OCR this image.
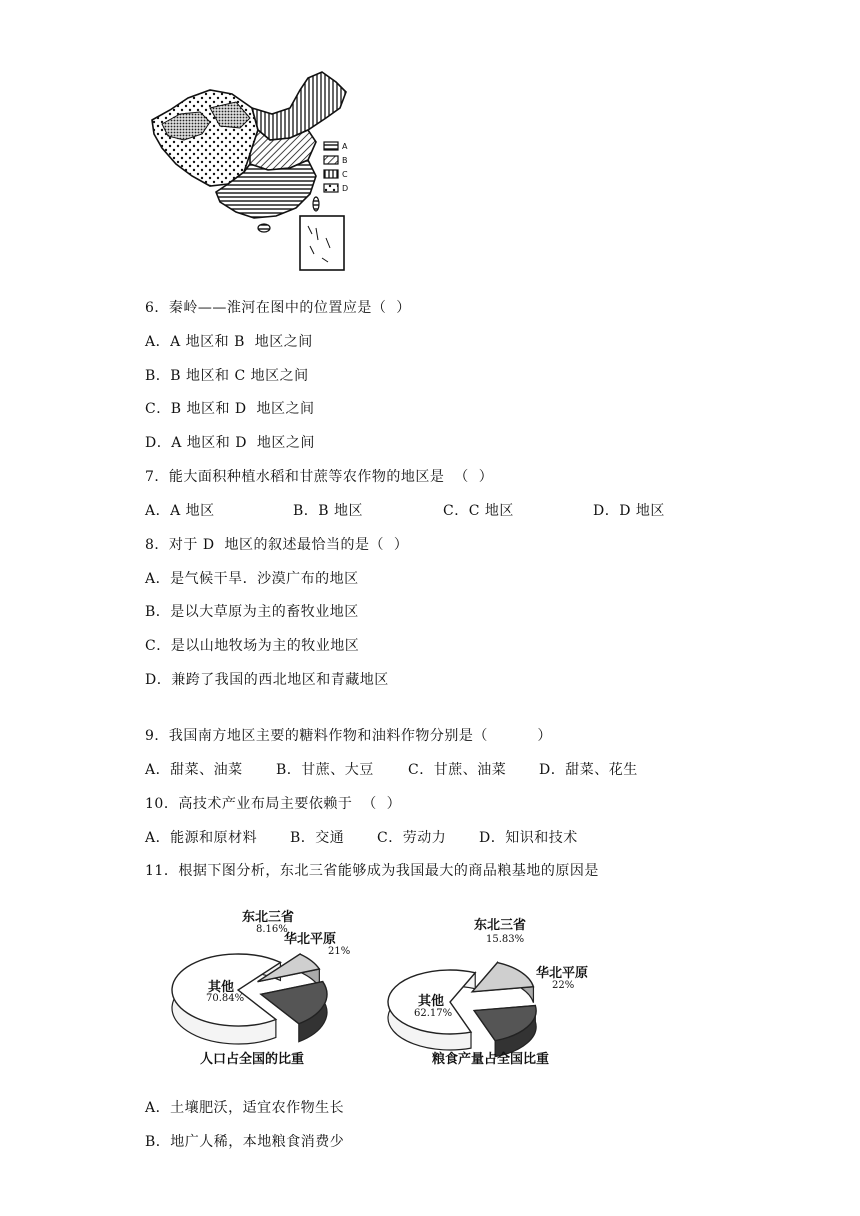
A
B
C
D
6．秦岭——淮河在图中的位置应是（  ）
A．A 地区和 B  地区之间
B．B 地区和 C 地区之间
C．B 地区和 D  地区之间
D．A 地区和 D  地区之间
7．能大面积种植水稻和甘蔗等农作物的地区是  （  ）
A．A 地区	B．B 地区	C．C 地区	D．D 地区
8．对于 D  地区的叙述最恰当的是（  ）
A．是气候干旱．沙漠广布的地区
B．是以大草原为主的畜牧业地区
C．是以山地牧场为主的牧业地区
D．兼跨了我国的西北地区和青藏地区
9．我国南方地区主要的糖料作物和油料作物分别是（          ）
A．甜菜、油菜 B．甘蔗、大豆 C．甘蔗、油菜 D．甜菜、花生
10．高技术产业布局主要依赖于  （  ）
A．能源和原材料 B．交通 C．劳动力 D．知识和技术
11．根据下图分析，东北三省能够成为我国最大的商品粮基地的原因是
东北三省
8.16%
华北平原
21%
其他
70.84%
人口占全国的比重
东北三省
15.83%
华北平原
22%
其他
62.17%
粮食产量占全国比重
A．土壤肥沃，适宜农作物生长
B．地广人稀，本地粮食消费少
